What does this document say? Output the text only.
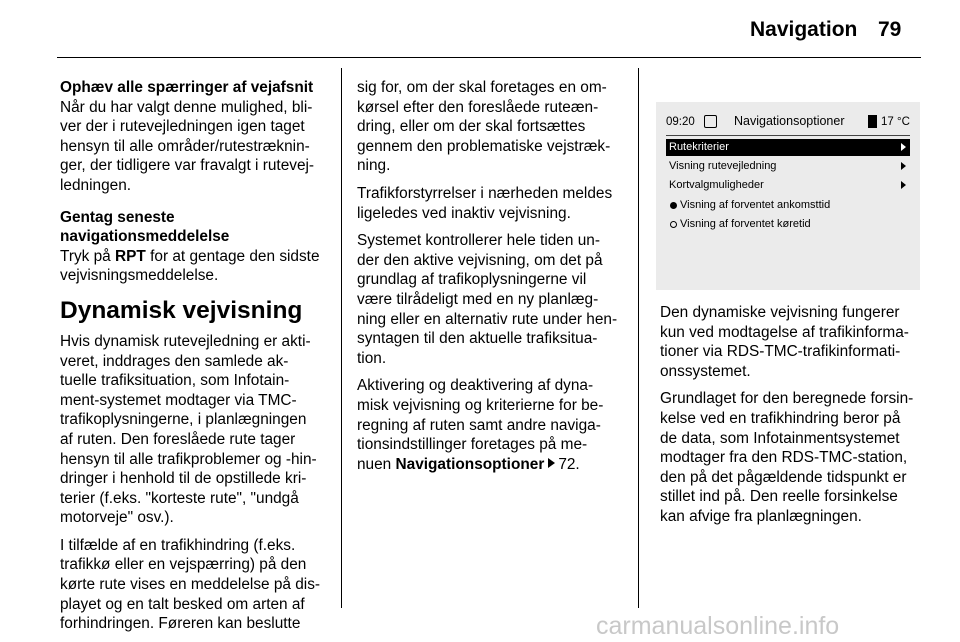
Navigation 79
Ophæv alle spærringer af vejafsnit

Når du har valgt denne mulighed, bli-
ver der i rutevejledningen igen taget
hensyn til alle områder/rutestræknin-
ger, der tidligere var fravalgt i rutevej-
ledningen.

Gentag seneste
navigationsmeddelelse

Tryk på RPT for at gentage den sidste
vejvisningsmeddelelse.

Dynamisk vejvisning

Hvis dynamisk rutevejledning er akti-
veret, inddrages den samlede ak-
tuelle trafiksituation, som Infotain-
ment-systemet modtager via TMC-
trafikoplysningerne, i planlægningen
af ruten. Den foreslåede rute tager
hensyn til alle trafikproblemer og -hin-
dringer i henhold til de opstillede kri-
terier (f.eks. "korteste rute", "undgå
motorveje" osv.).

I tilfælde af en trafikhindring (f.eks.
trafikkø eller en vejspærring) på den
kørte rute vises en meddelelse på dis-
playet og en talt besked om arten af
forhindringen. Føreren kan beslutte

sig for, om der skal foretages en om-
kørsel efter den foreslåede ruteæn-
dring, eller om der skal fortsættes
gennem den problematiske vejstræk-
ning.

Trafikforstyrrelser i nærheden meldes
ligeledes ved inaktiv vejvisning.

Systemet kontrollerer hele tiden un-
der den aktive vejvisning, om det på
grundlag af trafikoplysningerne vil
være tilrådeligt med en ny planlæg-
ning eller en alternativ rute under hen-
syntagen til den aktuelle trafiksitua-
tion.

Aktivering og deaktivering af dyna-
misk vejvisning og kriterierne for be-
regning af ruten samt andre naviga-
tionsindstillinger foretages på me-
nuen Navigationsoptioner 72.

09:20	Navigationsoptioner	17 °C
Rutekriterier
Visning rutevejledning
Kortvalgmuligheder
Visning af forventet ankomsttid
Visning af forventet køretid

Den dynamiske vejvisning fungerer
kun ved modtagelse af trafikinforma-
tioner via RDS-TMC-trafikinformati-
onssystemet.

Grundlaget for den beregnede forsin-
kelse ved en trafikhindring beror på
de data, som Infotainmentsystemet
modtager fra den RDS-TMC-station,
den på det pågældende tidspunkt er
stillet ind på. Den reelle forsinkelse
kan afvige fra planlægningen.

carmanualsonline.info
